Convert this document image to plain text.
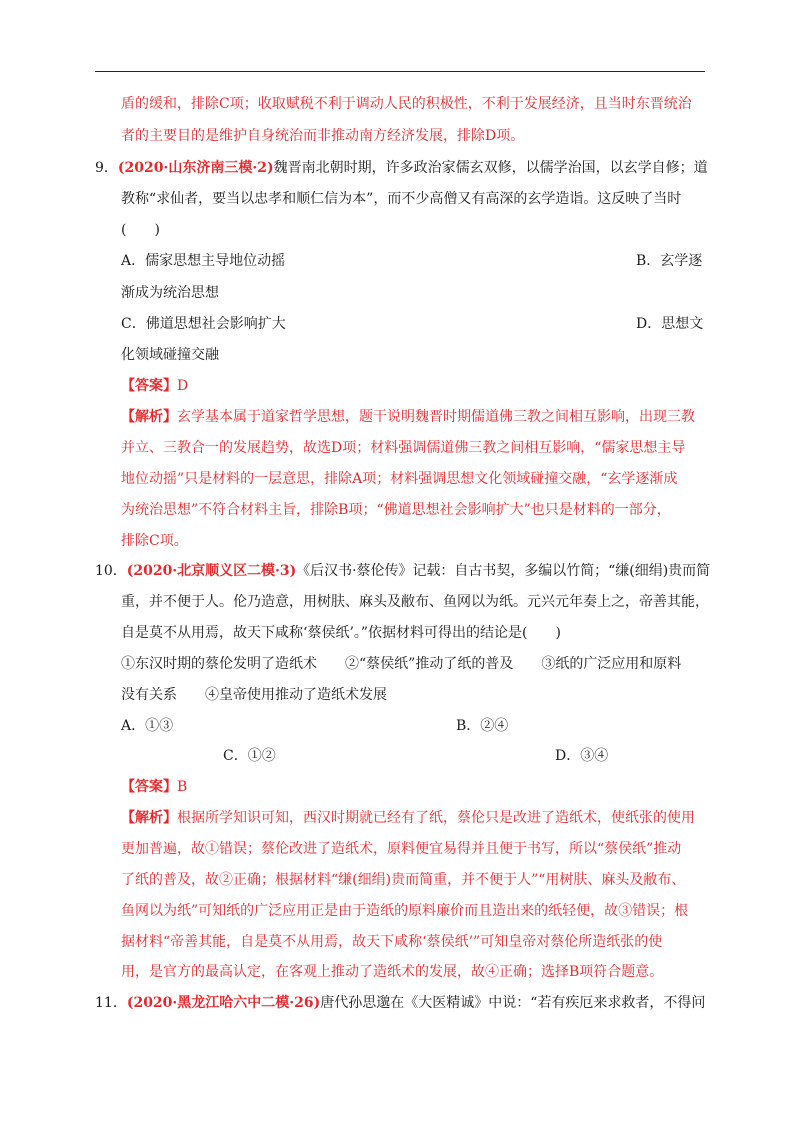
盾的缓和，排除C项；收取赋税不利于调动人民的积极性，不利于发展经济，且当时东晋统治
者的主要目的是维护自身统治而非推动南方经济发展，排除D项。
9．(2020·山东济南三模·2)魏晋南北朝时期，许多政治家儒玄双修，以儒学治国，以玄学自修；道
教称“求仙者，要当以忠孝和顺仁信为本”，而不少高僧又有高深的玄学造诣。这反映了当时
(　　)
A．儒家思想主导地位动摇	B．玄学逐
渐成为统治思想
C．佛道思想社会影响扩大	D．思想文
化领域碰撞交融
【答案】D
【解析】玄学基本属于道家哲学思想，题干说明魏晋时期儒道佛三教之间相互影响，出现三教
并立、三教合一的发展趋势，故选D项；材料强调儒道佛三教之间相互影响，“儒家思想主导
地位动摇”只是材料的一层意思，排除A项；材料强调思想文化领域碰撞交融，“玄学逐渐成
为统治思想”不符合材料主旨，排除B项；“佛道思想社会影响扩大”也只是材料的一部分，
排除C项。
10．(2020·北京顺义区二模·3)《后汉书·蔡伦传》记载：自古书契，多编以竹简；“缣(细绢)贵而简
重，并不便于人。伦乃造意，用树肤、麻头及敝布、鱼网以为纸。元兴元年奏上之，帝善其能，
自是莫不从用焉，故天下咸称‘蔡侯纸’。”依据材料可得出的结论是(　　)
①东汉时期的蔡伦发明了造纸术　　②“蔡侯纸”推动了纸的普及　　③纸的广泛应用和原料
没有关系　　④皇帝使用推动了造纸术发展
A．①③	B．②④
C．①②	D．③④
【答案】B
【解析】根据所学知识可知，西汉时期就已经有了纸，蔡伦只是改进了造纸术，使纸张的使用
更加普遍，故①错误；蔡伦改进了造纸术，原料便宜易得并且便于书写，所以“蔡侯纸”推动
了纸的普及，故②正确；根据材料“缣(细绢)贵而简重，并不便于人”“用树肤、麻头及敝布、
鱼网以为纸”可知纸的广泛应用正是由于造纸的原料廉价而且造出来的纸轻便，故③错误；根
据材料“帝善其能，自是莫不从用焉，故天下咸称‘蔡侯纸’”可知皇帝对蔡伦所造纸张的使
用，是官方的最高认定，在客观上推动了造纸术的发展，故④正确；选择B项符合题意。
11．(2020·黑龙江哈六中二模·26)唐代孙思邈在《大医精诚》中说：“若有疾厄来求救者，不得问
